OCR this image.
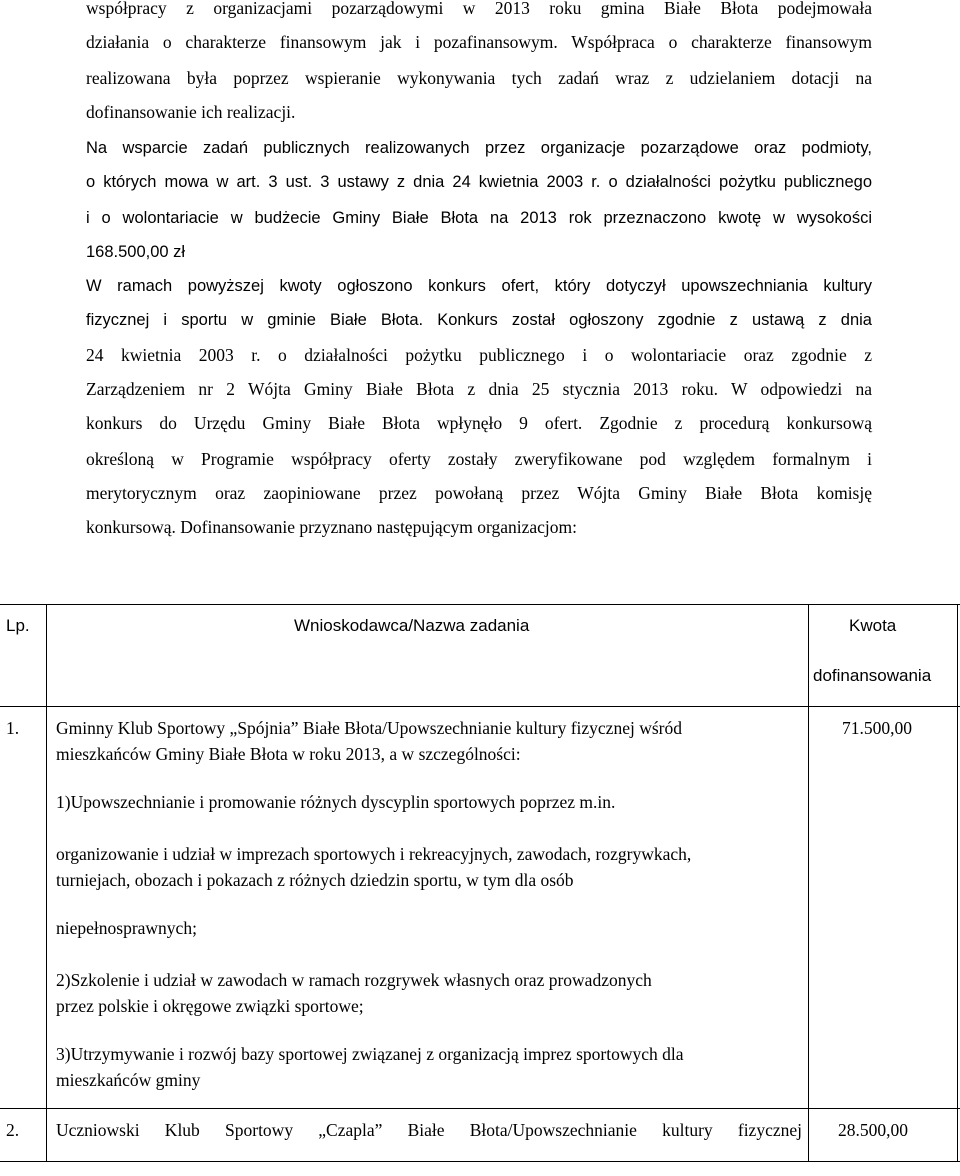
współpracy z organizacjami pozarządowymi w 2013 roku gmina Białe Błota podejmowała
działania o charakterze finansowym jak i pozafinansowym. Współpraca o charakterze finansowym
realizowana była poprzez wspieranie wykonywania tych zadań wraz z udzielaniem dotacji na
dofinansowanie ich realizacji.
Na wsparcie zadań publicznych realizowanych przez organizacje pozarządowe oraz podmioty,
o których mowa w art. 3 ust. 3 ustawy z dnia 24 kwietnia 2003 r. o działalności pożytku publicznego
i o wolontariacie w budżecie Gminy Białe Błota na 2013 rok przeznaczono kwotę w wysokości
168.500,00 zł
W ramach powyższej kwoty ogłoszono konkurs ofert, który dotyczył upowszechniania kultury
fizycznej i sportu w gminie Białe Błota. Konkurs został ogłoszony zgodnie z ustawą z dnia
24 kwietnia 2003 r. o działalności pożytku publicznego i o wolontariacie oraz zgodnie z
Zarządzeniem nr 2 Wójta Gminy Białe Błota z dnia 25 stycznia 2013 roku. W odpowiedzi na
konkurs do Urzędu Gminy Białe Błota wpłynęło 9 ofert. Zgodnie z procedurą konkursową
określoną w Programie współpracy oferty zostały zweryfikowane pod względem formalnym i
merytorycznym oraz zaopiniowane przez powołaną przez Wójta Gminy Białe Błota komisję
konkursową. Dofinansowanie przyznano następującym organizacjom:
Lp.	Wnioskodawca/Nazwa zadania	Kwota
dofinansowania
1. Gminny Klub Sportowy „Spójnia” Białe Błota/Upowszechnianie kultury fizycznej wśród
mieszkańców Gminy Białe Błota w roku 2013, a w szczególności:
1)Upowszechnianie i promowanie różnych dyscyplin sportowych poprzez m.in.
organizowanie i udział w imprezach sportowych i rekreacyjnych, zawodach, rozgrywkach,
turniejach, obozach i pokazach z różnych dziedzin sportu, w tym dla osób
niepełnosprawnych;
2)Szkolenie i udział w zawodach w ramach rozgrywek własnych oraz prowadzonych
przez polskie i okręgowe związki sportowe;
3)Utrzymywanie i rozwój bazy sportowej związanej z organizacją imprez sportowych dla
mieszkańców gminy
71.500,00
2. Uczniowski Klub Sportowy „Czapla” Białe Błota/Upowszechnianie kultury fizycznej 28.500,00
